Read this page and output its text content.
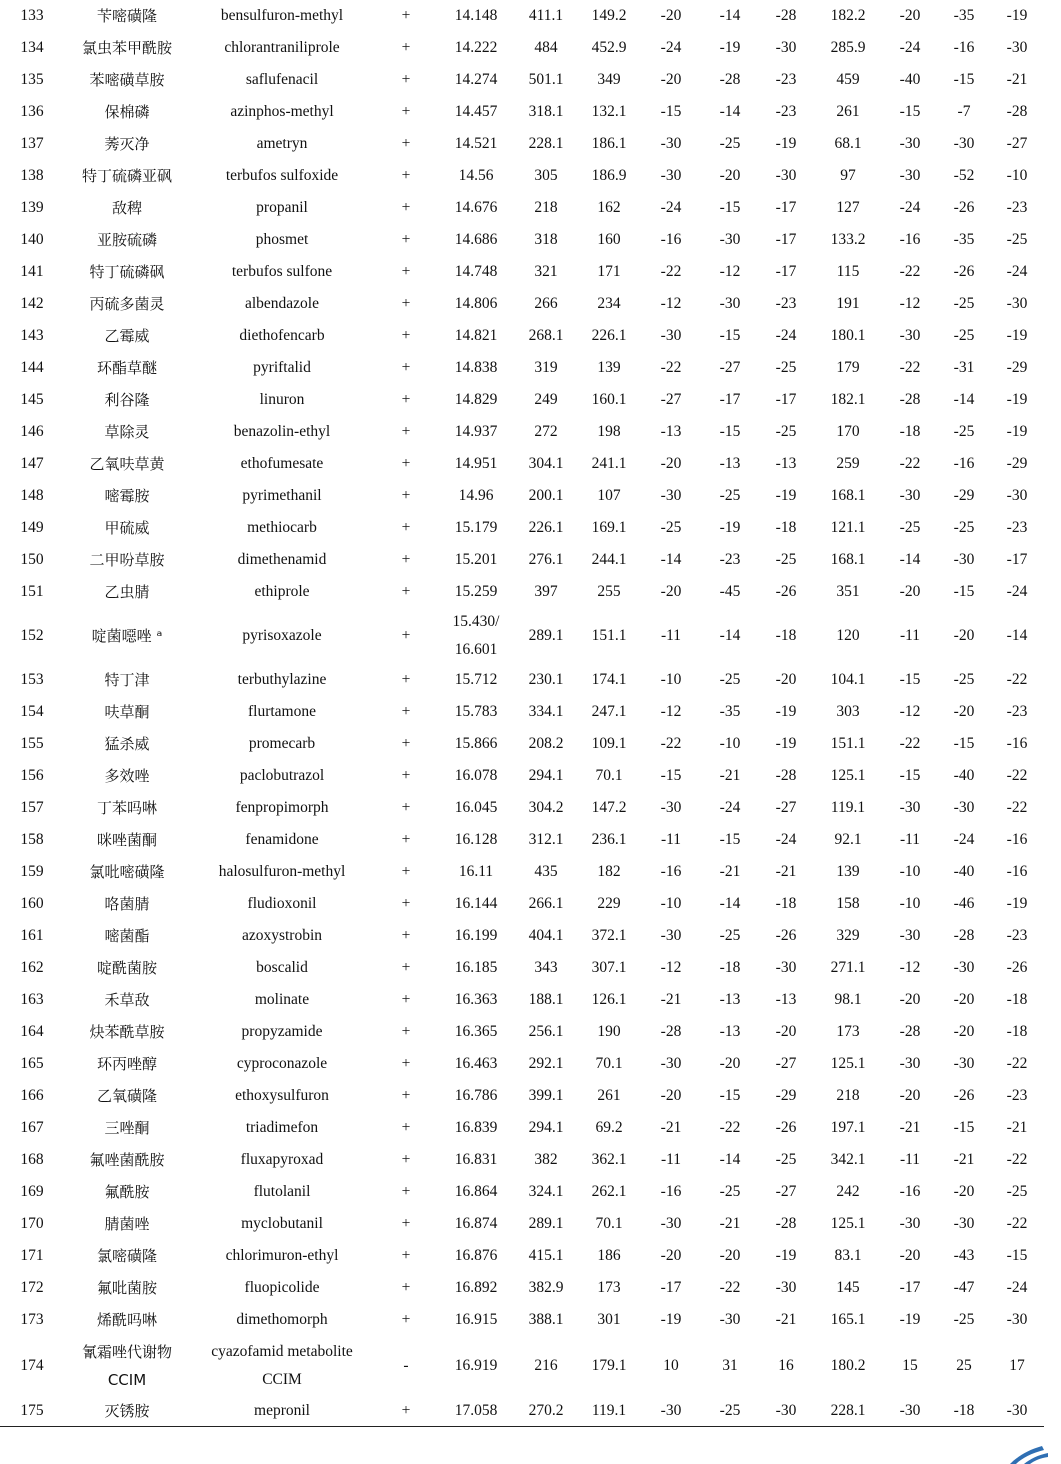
133	苄嘧磺隆	bensulfuron-methyl	+	14.148	411.1	149.2	-20	-14	-28	182.2	-20	-35	-19
134	氯虫苯甲酰胺	chlorantraniliprole	+	14.222	484	452.9	-24	-19	-30	285.9	-24	-16	-30
135	苯嘧磺草胺	saflufenacil	+	14.274	501.1	349	-20	-28	-23	459	-40	-15	-21
136	保棉磷	azinphos-methyl	+	14.457	318.1	132.1	-15	-14	-23	261	-15	-7	-28
137	莠灭净	ametryn	+	14.521	228.1	186.1	-30	-25	-19	68.1	-30	-30	-27
138	特丁硫磷亚砜	terbufos sulfoxide	+	14.56	305	186.9	-30	-20	-30	97	-30	-52	-10
139	敌稗	propanil	+	14.676	218	162	-24	-15	-17	127	-24	-26	-23
140	亚胺硫磷	phosmet	+	14.686	318	160	-16	-30	-17	133.2	-16	-35	-25
141	特丁硫磷砜	terbufos sulfone	+	14.748	321	171	-22	-12	-17	115	-22	-26	-24
142	丙硫多菌灵	albendazole	+	14.806	266	234	-12	-30	-23	191	-12	-25	-30
143	乙霉威	diethofencarb	+	14.821	268.1	226.1	-30	-15	-24	180.1	-30	-25	-19
144	环酯草醚	pyriftalid	+	14.838	319	139	-22	-27	-25	179	-22	-31	-29
145	利谷隆	linuron	+	14.829	249	160.1	-27	-17	-17	182.1	-28	-14	-19
146	草除灵	benazolin-ethyl	+	14.937	272	198	-13	-15	-25	170	-18	-25	-19
147	乙氧呋草黄	ethofumesate	+	14.951	304.1	241.1	-20	-13	-13	259	-22	-16	-29
148	嘧霉胺	pyrimethanil	+	14.96	200.1	107	-30	-25	-19	168.1	-30	-29	-30
149	甲硫威	methiocarb	+	15.179	226.1	169.1	-25	-19	-18	121.1	-25	-25	-23
150	二甲吩草胺	dimethenamid	+	15.201	276.1	244.1	-14	-23	-25	168.1	-14	-30	-17
151	乙虫腈	ethiprole	+	15.259	397	255	-20	-45	-26	351	-20	-15	-24
152	啶菌噁唑 ᵃ	pyrisoxazole	+	15.430/ 16.601	289.1	151.1	-11	-14	-18	120	-11	-20	-14
153	特丁津	terbuthylazine	+	15.712	230.1	174.1	-10	-25	-20	104.1	-15	-25	-22
154	呋草酮	flurtamone	+	15.783	334.1	247.1	-12	-35	-19	303	-12	-20	-23
155	猛杀威	promecarb	+	15.866	208.2	109.1	-22	-10	-19	151.1	-22	-15	-16
156	多效唑	paclobutrazol	+	16.078	294.1	70.1	-15	-21	-28	125.1	-15	-40	-22
157	丁苯吗啉	fenpropimorph	+	16.045	304.2	147.2	-30	-24	-27	119.1	-30	-30	-22
158	咪唑菌酮	fenamidone	+	16.128	312.1	236.1	-11	-15	-24	92.1	-11	-24	-16
159	氯吡嘧磺隆	halosulfuron-methyl	+	16.11	435	182	-16	-21	-21	139	-10	-40	-16
160	咯菌腈	fludioxonil	+	16.144	266.1	229	-10	-14	-18	158	-10	-46	-19
161	嘧菌酯	azoxystrobin	+	16.199	404.1	372.1	-30	-25	-26	329	-30	-28	-23
162	啶酰菌胺	boscalid	+	16.185	343	307.1	-12	-18	-30	271.1	-12	-30	-26
163	禾草敌	molinate	+	16.363	188.1	126.1	-21	-13	-13	98.1	-20	-20	-18
164	炔苯酰草胺	propyzamide	+	16.365	256.1	190	-28	-13	-20	173	-28	-20	-18
165	环丙唑醇	cyproconazole	+	16.463	292.1	70.1	-30	-20	-27	125.1	-30	-30	-22
166	乙氧磺隆	ethoxysulfuron	+	16.786	399.1	261	-20	-15	-29	218	-20	-26	-23
167	三唑酮	triadimefon	+	16.839	294.1	69.2	-21	-22	-26	197.1	-21	-15	-21
168	氟唑菌酰胺	fluxapyroxad	+	16.831	382	362.1	-11	-14	-25	342.1	-11	-21	-22
169	氟酰胺	flutolanil	+	16.864	324.1	262.1	-16	-25	-27	242	-16	-20	-25
170	腈菌唑	myclobutanil	+	16.874	289.1	70.1	-30	-21	-28	125.1	-30	-30	-22
171	氯嘧磺隆	chlorimuron-ethyl	+	16.876	415.1	186	-20	-20	-19	83.1	-20	-43	-15
172	氟吡菌胺	fluopicolide	+	16.892	382.9	173	-17	-22	-30	145	-17	-47	-24
173	烯酰吗啉	dimethomorph	+	16.915	388.1	301	-19	-30	-21	165.1	-19	-25	-30
174	氰霜唑代谢物 CCIM	cyazofamid metabolite CCIM	-	16.919	216	179.1	10	31	16	180.2	15	25	17
175	灭锈胺	mepronil	+	17.058	270.2	119.1	-30	-25	-30	228.1	-30	-18	-30
